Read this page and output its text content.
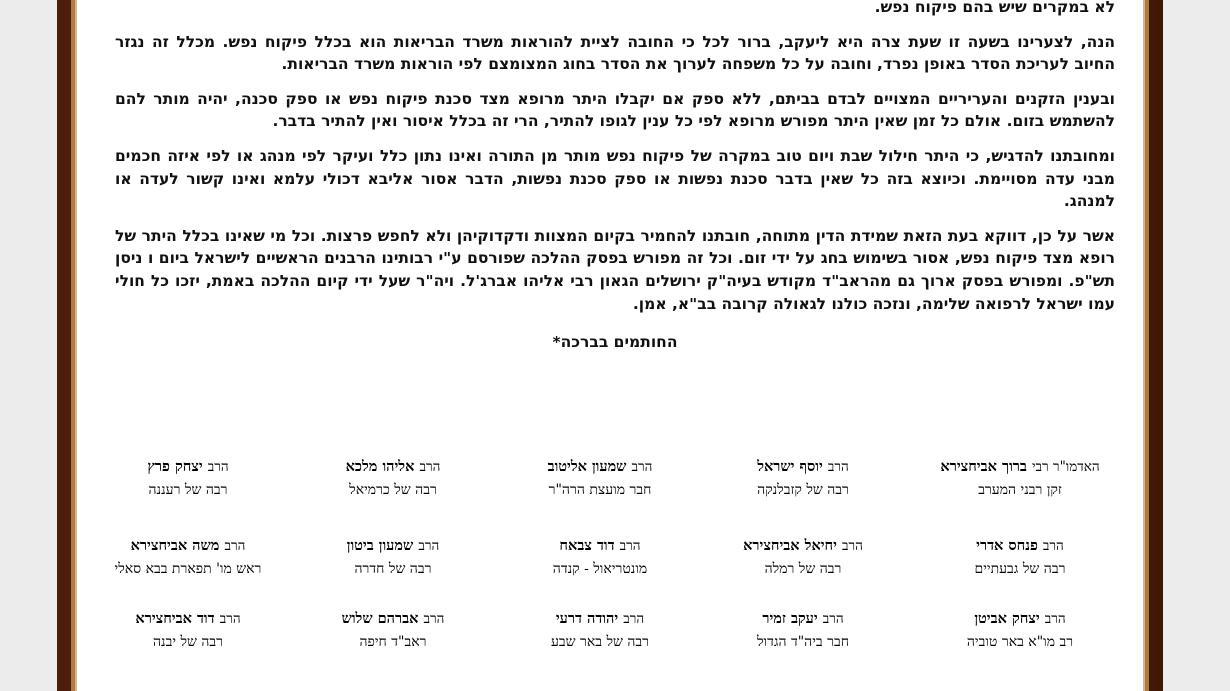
לא במקרים שיש בהם פיקוח נפש.

הנה, לצערינו בשעה זו שעת צרה היא ליעקב, ברור לכל כי החובה לציית להוראות משרד הבריאות הוא בכלל פיקוח נפש. מכלל זה נגזר החיוב לעריכת הסדר באופן נפרד, וחובה על כל משפחה לערוך את הסדר בחוג המצומצם לפי הוראות משרד הבריאות.

ובענין הזקנים והעריריים המצויים לבדם בביתם, ללא ספק אם יקבלו היתר מרופא מצד סכנת פיקוח נפש או ספק סכנה, יהיה מותר להם להשתמש בזום. אולם כל זמן שאין היתר מפורש מרופא לפי כל ענין לגופו להתיר, הרי זה בכלל איסור ואין להתיר בדבר.

ומחובתנו להדגיש, כי היתר חילול שבת ויום טוב במקרה של פיקוח נפש מותר מן התורה ואינו נתון כלל ועיקר לפי מנהג או לפי איזה חכמים מבני עדה מסויימת. וכיוצא בזה כל שאין בדבר סכנת נפשות או ספק סכנת נפשות, הדבר אסור אליבא דכולי עלמא ואינו קשור לעדה או למנהג.

אשר על כן, דווקא בעת הזאת שמידת הדין מתוחה, חובתנו להחמיר בקיום המצוות ודקדוקיהן ולא לחפש פרצות. וכל מי שאינו בכלל היתר של רופא מצד פיקוח נפש, אסור בשימוש בחג על ידי זום. וכל זה מפורש בפסק ההלכה שפורסם ע"י רבותינו הרבנים הראשיים לישראל ביום ו ניסן תש"פ. ומפורש בפסק ארוך גם מהראב"ד מקודש בעיה"ק ירושלים הגאון רבי אליהו אברג'ל. ויה"ר שעל ידי קיום ההלכה באמת, יזכו כל חולי עמו ישראל לרפואה שלימה, ונזכה כולנו לגאולה קרובה בב"א, אמן.

החותמים בברכה*
האדמו"ר רבי ברוך אביחצירא
זקן רבני המערב
הרב יוסף ישראל
רבה של קזבלנקה
הרב שמעון אליטוב
חבר מועצת הרה"ר
הרב אליהו מלכא
רבה של כרמיאל
הרב יצחק פרץ
רבה של רעננה
הרב פנחס אדרי
רבה של גבעתיים
הרב יחיאל אביחצירא
רבה של רמלה
הרב דוד צבאח
מונטריאול - קנדה
הרב שמעון ביטון
רבה של חדרה
הרב משה אביחצירא
ראש מו' תפארת בבא סאלי
הרב יצחק אביטן
רב מו"א באר טוביה
הרב יעקב זמיר
חבר ביה"ד הגדול
הרב יהודה דרעי
רבה של באר שבע
הרב אברהם שלוש
ראב"ד חיפה
הרב דוד אביחצירא
רבה של יבנה
